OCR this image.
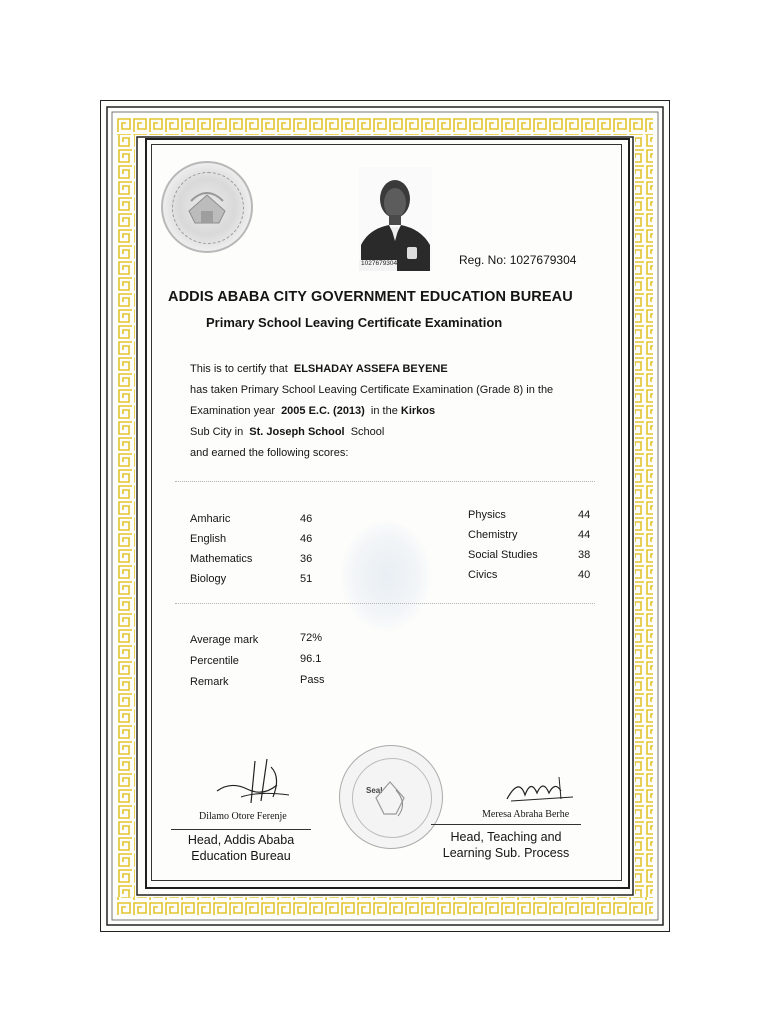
1027679304	Reg. No: 1027679304
ADDIS ABABA CITY GOVERNMENT EDUCATION BUREAU
Primary School Leaving Certificate Examination
This is to certify that ELSHADAY ASSEFA BEYENE
has taken Primary School Leaving Certificate Examination (Grade 8) in the
Examination year 2005 E.C. (2013) in the Kirkos
Sub City in St. Joseph School School
and earned the following scores:
Amharic	46
English	46
Mathematics	36
Biology	51
Physics	44
Chemistry	44
Social Studies	38
Civics	40
Average mark	72%
Percentile	96.1
Remark	Pass
Dilamo Otore Ferenje
Head, Addis Ababa
Education Bureau
Seal
Meresa Abraha Berhe
Head, Teaching and
Learning Sub. Process
